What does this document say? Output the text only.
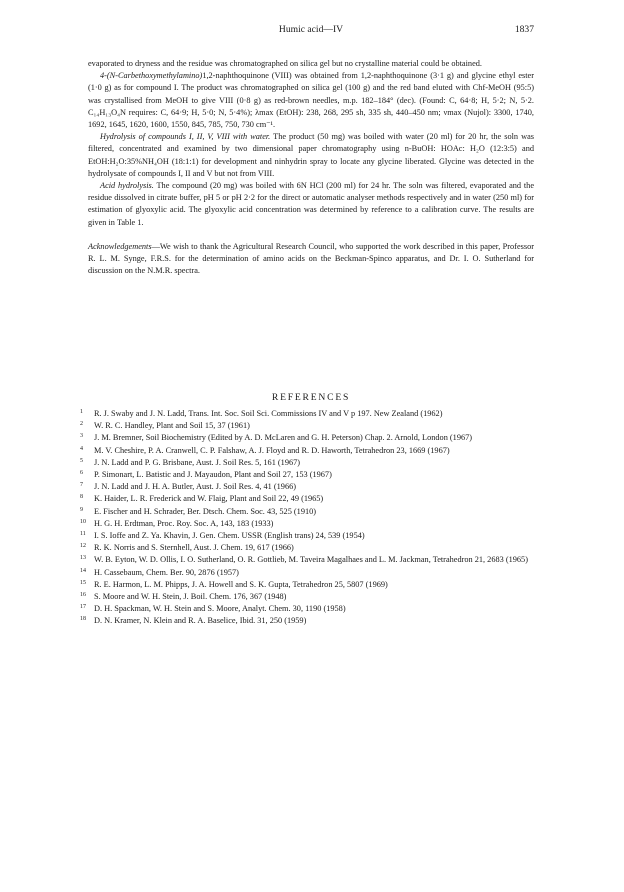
Humic acid—IV	1837

evaporated to dryness and the residue was chromatographed on silica gel but no crystalline material could be obtained.

4-(N-Carbethoxymethylamino)1,2-naphthoquinone (VIII) was obtained from 1,2-naphthoquinone (3·1 g) and glycine ethyl ester (1·0 g) as for compound I. The product was chromatographed on silica gel (100 g) and the red band eluted with Chf-MeOH (95:5) was crystallised from MeOH to give VIII (0·8 g) as red-brown needles, m.p. 182–184° (dec). (Found: C, 64·8; H, 5·2; N, 5·2. C₁₄H₁₃O₄N requires: C, 64·9; H, 5·0; N, 5·4%); λmax (EtOH): 238, 268, 295 sh, 335 sh, 440–450 nm; νmax (Nujol): 3300, 1740, 1692, 1645, 1620, 1600, 1550, 845, 785, 750, 730 cm⁻¹.

Hydrolysis of compounds I, II, V, VIII with water. The product (50 mg) was boiled with water (20 ml) for 20 hr, the soln was filtered, concentrated and examined by two dimensional paper chromatography using n-BuOH: HOAc: H₂O (12:3:5) and EtOH:H₂O:35%NH₄OH (18:1:1) for development and ninhydrin spray to locate any glycine liberated. Glycine was detected in the hydrolysate of compounds I, II and V but not from VIII.

Acid hydrolysis. The compound (20 mg) was boiled with 6N HCl (200 ml) for 24 hr. The soln was filtered, evaporated and the residue dissolved in citrate buffer, pH 5 or pH 2·2 for the direct or automatic analyser methods respectively and in water (250 ml) for estimation of glyoxylic acid. The glyoxylic acid concentration was determined by reference to a calibration curve. The results are given in Table 1.

Acknowledgements—We wish to thank the Agricultural Research Council, who supported the work described in this paper, Professor R. L. M. Synge, F.R.S. for the determination of amino acids on the Beckman-Spinco apparatus, and Dr. I. O. Sutherland for discussion on the N.M.R. spectra.

REFERENCES
1	R. J. Swaby and J. N. Ladd, Trans. Int. Soc. Soil Sci. Commissions IV and V p 197. New Zealand (1962)
2	W. R. C. Handley, Plant and Soil 15, 37 (1961)
3	J. M. Bremner, Soil Biochemistry (Edited by A. D. McLaren and G. H. Peterson) Chap. 2. Arnold, London (1967)
4	M. V. Cheshire, P. A. Cranwell, C. P. Falshaw, A. J. Floyd and R. D. Haworth, Tetrahedron 23, 1669 (1967)
5	J. N. Ladd and P. G. Brisbane, Aust. J. Soil Res. 5, 161 (1967)
6	P. Simonart, L. Batistic and J. Mayaudon, Plant and Soil 27, 153 (1967)
7	J. N. Ladd and J. H. A. Butler, Aust. J. Soil Res. 4, 41 (1966)
8	K. Haider, L. R. Frederick and W. Flaig, Plant and Soil 22, 49 (1965)
9	E. Fischer and H. Schrader, Ber. Dtsch. Chem. Soc. 43, 525 (1910)
10 H. G. H. Erdtman, Proc. Roy. Soc. A, 143, 183 (1933)
11 I. S. Ioffe and Z. Ya. Khavin, J. Gen. Chem. USSR (English trans) 24, 539 (1954)
12 R. K. Norris and S. Sternhell, Aust. J. Chem. 19, 617 (1966)
13 W. B. Eyton, W. D. Ollis, I. O. Sutherland, O. R. Gottlieb, M. Taveira Magalhaes and L. M. Jackman, Tetrahedron 21, 2683 (1965)
14 H. Cassebaum, Chem. Ber. 90, 2876 (1957)
15 R. E. Harmon, L. M. Phipps, J. A. Howell and S. K. Gupta, Tetrahedron 25, 5807 (1969)
16 S. Moore and W. H. Stein, J. Boil. Chem. 176, 367 (1948)
17 D. H. Spackman, W. H. Stein and S. Moore, Analyt. Chem. 30, 1190 (1958)
18 D. N. Kramer, N. Klein and R. A. Baselice, Ibid. 31, 250 (1959)
